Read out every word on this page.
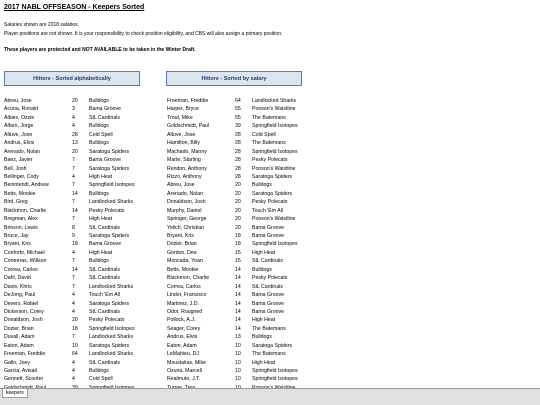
2017 NABL OFFSEASON - Keepers Sorted
Salaries shown are 2018 salaries.
Player positions are not shown. It is your responsibility to check position eligibility, and CBS will also assign a primary position.
These players are protected and NOT AVAILABLE to be taken in the Winter Draft.
Hitters - Sorted alphabetically	Hitters - Sorted by salary
Abreu, Jose	20 Bulldogs
Acuna, Ronald	3	Bama Groove
Albies, Ozzie	4	StL Cardinals
Alfaro, Jorge	4	Bulldogs
Altuve, Jose	28 Cold Spell
Andrus, Elvis	13 Bulldogs
Arenado, Nolan	20 Saratoga Spiders
Baez, Javier	7	Bama Groove
Bell, Josh	7	Saratoga Spiders
Bellinger, Cody	4	High Heat
Benintendi, Andrew	7	Springfield Isotopes
Betts, Mookie	14 Bulldogs
Bird, Greg	7	Landlocked Sharks
Blackmon, Charlie	14 Pesky Polecats
Bregman, Alex	7	High Heat
Brinson, Lewis	8	StL Cardinals
Bruce, Jay	9	Saratoga Spiders
Bryant, Kris	18 Bama Groove
Conforto, Michael	4	High Heat
Contreras, Willson	7	Bulldogs
Correa, Carlos	14 StL Cardinals
Dahl, David	7	StL Cardinals
Davis, Khris	7	Landlocked Sharks
DeJong, Paul	4	Touch 'Em All
Devers, Rafael	4	Saratoga Spiders
Dickerson, Corey	4	StL Cardinals
Donaldson, Josh	20 Pesky Polecats
Dozier, Brian	18 Springfield Isotopes
Duvall, Adam	7	Landlocked Sharks
Eaton, Adam	10 Saratoga Spiders
Freeman, Freddie	64 Landlocked Sharks
Gallo, Joey	4	StL Cardinals
Garcia, Avisail	4	Bulldogs
Gennett, Scooter	4	Cold Spell
Freeman, Freddie	64 Landlocked Sharks
Harper, Bryce	55 Ponson's Waistline
Trout, Mike	55 The Batemans
Goldschmidt, Paul	39 Springfield Isotopes
Altuve, Jose	28 Cold Spell
Hamilton, Billy	28 The Batemans
Machado, Manny	28 Springfield Isotopes
Marte, Starling	28 Pesky Polecats
Rendon, Anthony	28 Ponson's Waistline
Rizzo, Anthony	28 Saratoga Spiders
Abreu, Jose	20 Bulldogs
Arenado, Nolan	20 Saratoga Spiders
Donaldson, Josh	20 Pesky Polecats
Murphy, Daniel	20 Touch 'Em All
Springer, George	20 Ponson's Waistline
Yelich, Christian	20 Bama Groove
Bryant, Kris	18 Bama Groove
Dozier, Brian	18 Springfield Isotopes
Gordon, Dee	15 High Heat
Moncada, Yoan	15 StL Cardinals
Betts, Mookie	14 Bulldogs
Blackmon, Charlie	14 Pesky Polecats
Correa, Carlos	14 StL Cardinals
Lindor, Francisco	14 Bama Groove
Martinez, J.D.	14 Bama Groove
Odor, Rougned	14 Bama Groove
Pollock, A.J.	14 High Heat
Seager, Corey	14 The Batemans
Andrus, Elvis	13 Bulldogs
Eaton, Adam	10 Saratoga Spiders
LeMahieu, DJ	10 The Batemans
Moustakas, Mike	10 High Heat
Ozuna, Marcell	10 Springfield Isotopes
Realmuto, J.T.	10 Springfield Isotopes
keepers
